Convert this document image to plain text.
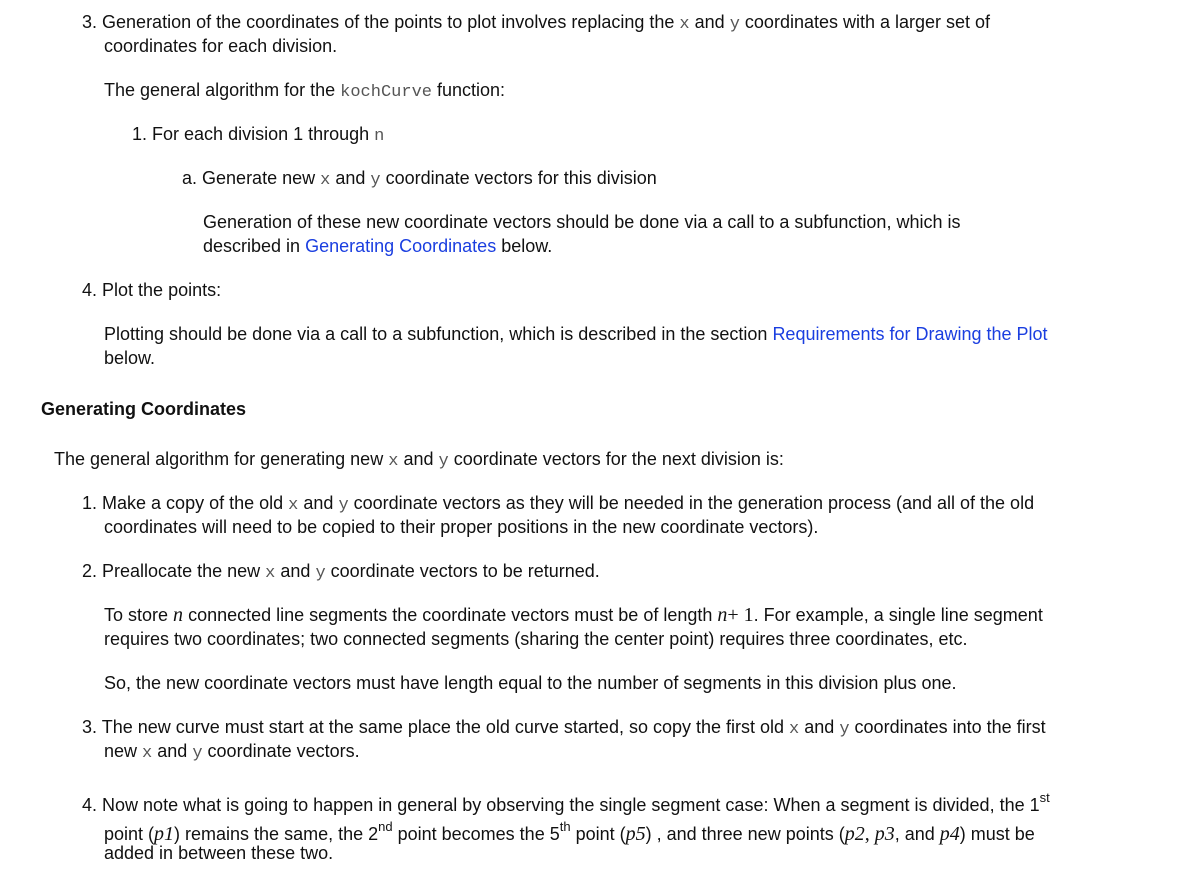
3. Generation of the coordinates of the points to plot involves replacing the x and y coordinates with a larger set of
coordinates for each division.
The general algorithm for the kochCurve function:
1. For each division 1 through n
a. Generate new x and y coordinate vectors for this division
Generation of these new coordinate vectors should be done via a call to a subfunction, which is
described in Generating Coordinates below.
4. Plot the points:
Plotting should be done via a call to a subfunction, which is described in the section Requirements for Drawing the Plot
below.
Generating Coordinates
The general algorithm for generating new x and y coordinate vectors for the next division is:
1. Make a copy of the old x and y coordinate vectors as they will be needed in the generation process (and all of the old
coordinates will need to be copied to their proper positions in the new coordinate vectors).
2. Preallocate the new x and y coordinate vectors to be returned.
To store n connected line segments the coordinate vectors must be of length n+ 1. For example, a single line segment
requires two coordinates; two connected segments (sharing the center point) requires three coordinates, etc.
So, the new coordinate vectors must have length equal to the number of segments in this division plus one.
3. The new curve must start at the same place the old curve started, so copy the first old x and y coordinates into the first
new x and y coordinate vectors.
4. Now note what is going to happen in general by observing the single segment case: When a segment is divided, the 1st
point (p1) remains the same, the 2nd point becomes the 5th point (p5) , and three new points (p2, p3, and p4) must be
added in between these two.
